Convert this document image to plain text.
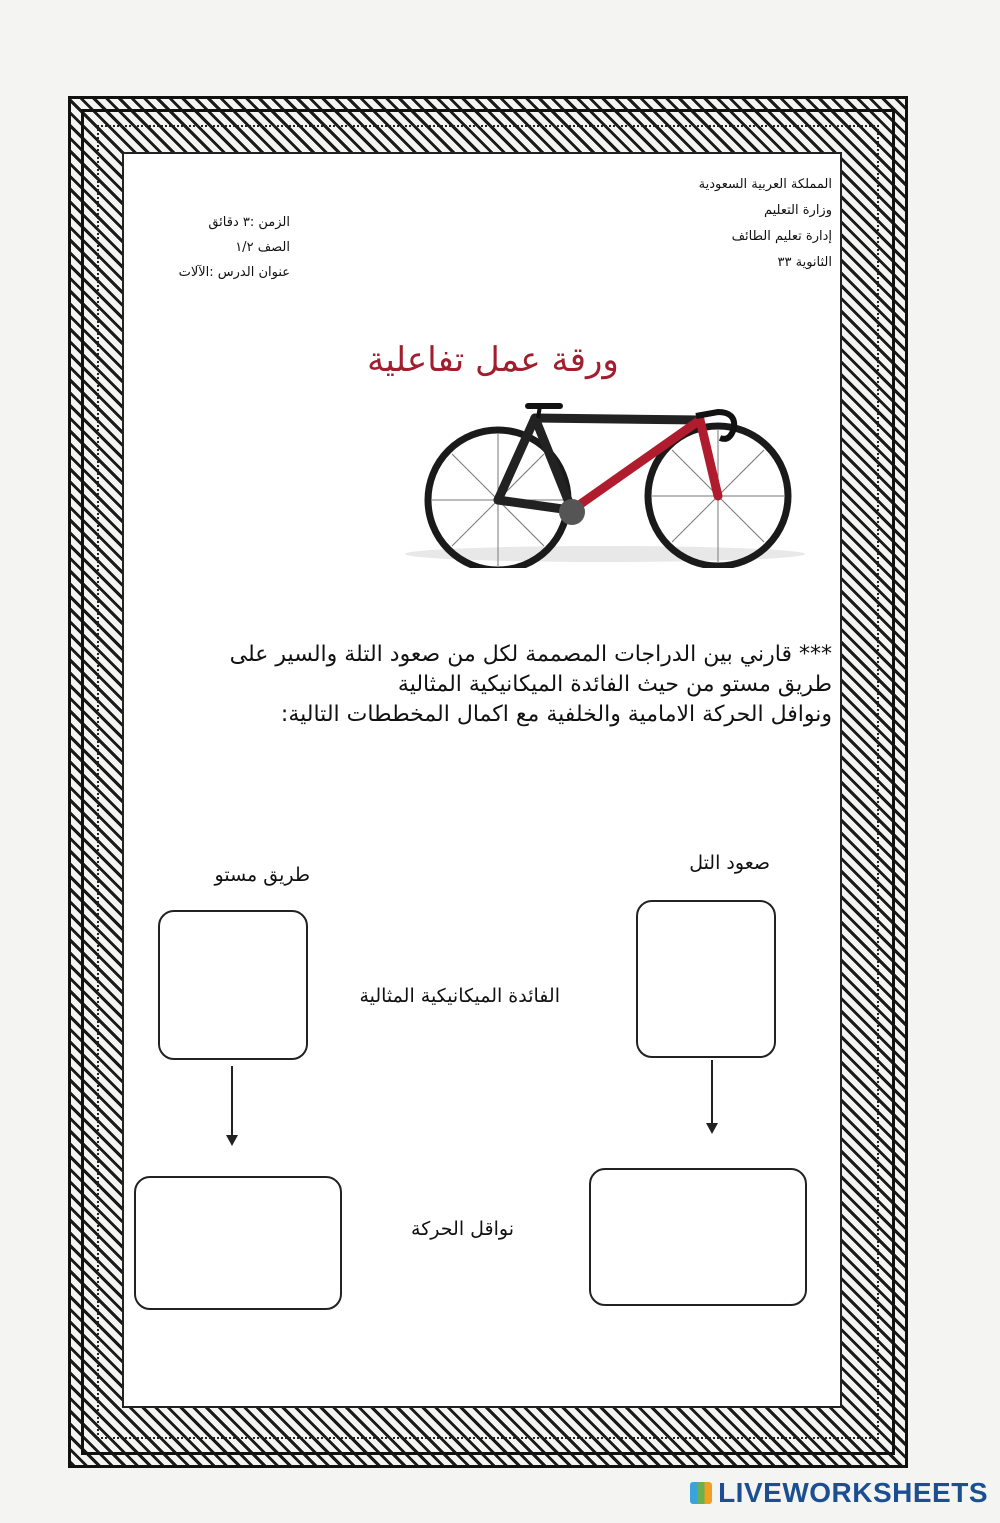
المملكة العربية السعودية
وزارة التعليم
إدارة تعليم الطائف
الثانوية ٣٣
الزمن :٣ دقائق
الصف ١/٢
عنوان الدرس :الآلات
ورقة عمل تفاعلية
*** قارني بين الدراجات المصممة لكل من صعود التلة والسير على
طريق مستو من حيث الفائدة الميكانيكية المثالية
ونوافل الحركة الامامية والخلفية مع اكمال المخططات التالية:
طريق مستو
صعود التل
الفائدة الميكانيكية المثالية
نواقل الحركة
LIVEWORKSHEETS
